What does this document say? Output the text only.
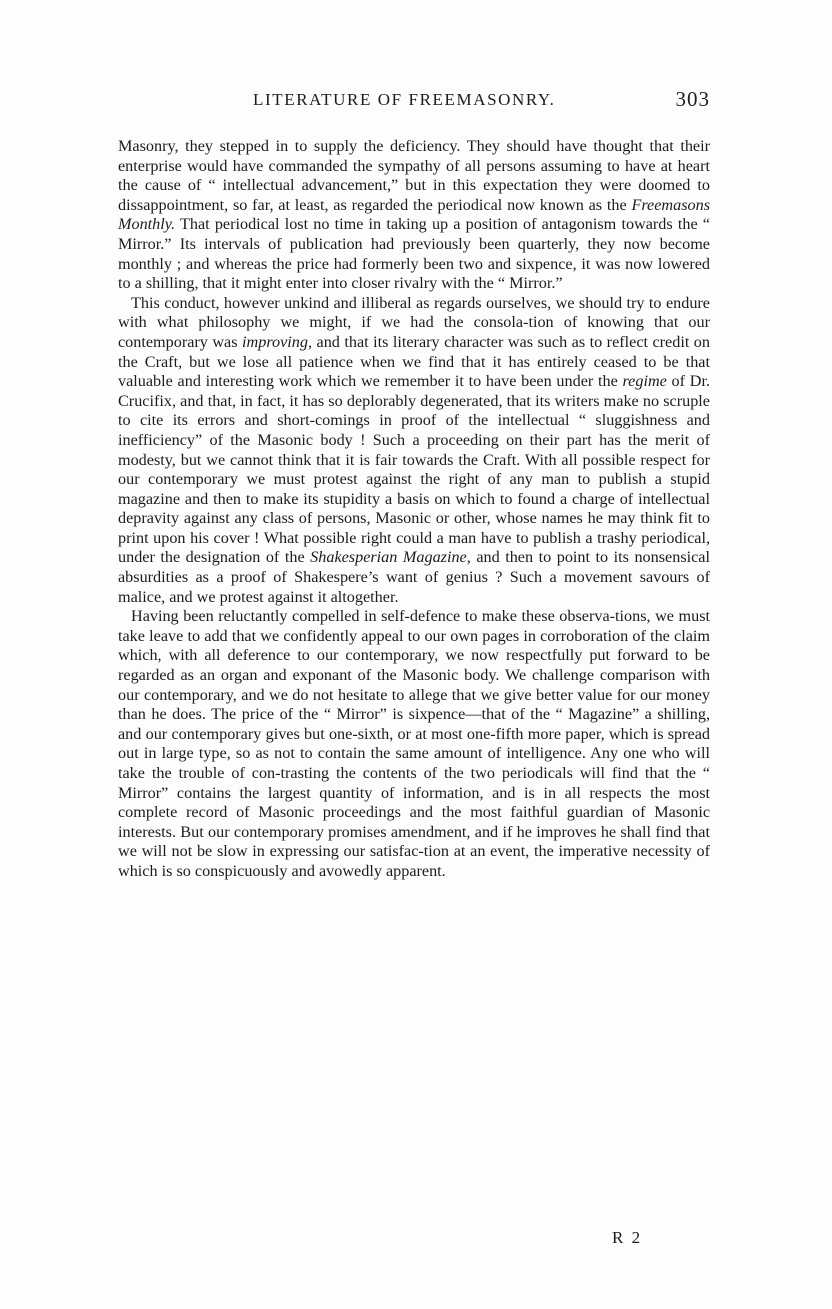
LITERATURE OF FREEMASONRY.	303

Masonry, they stepped in to supply the deficiency. They should have thought that their enterprise would have commanded the sympathy of all persons assuming to have at heart the cause of “ intellectual advancement,” but in this expectation they were doomed to dissappointment, so far, at least, as regarded the periodical now known as the Freemasons Monthly. That periodical lost no time in taking up a position of antagonism towards the “ Mirror.” Its intervals of publication had previously been quarterly, they now become monthly ; and whereas the price had formerly been two and sixpence, it was now lowered to a shilling, that it might enter into closer rivalry with the “ Mirror.”

This conduct, however unkind and illiberal as regards ourselves, we should try to endure with what philosophy we might, if we had the consola-tion of knowing that our contemporary was improving, and that its literary character was such as to reflect credit on the Craft, but we lose all patience when we find that it has entirely ceased to be that valuable and interesting work which we remember it to have been under the regime of Dr. Crucifix, and that, in fact, it has so deplorably degenerated, that its writers make no scruple to cite its errors and short-comings in proof of the intellectual “ sluggishness and inefficiency” of the Masonic body ! Such a proceeding on their part has the merit of modesty, but we cannot think that it is fair towards the Craft. With all possible respect for our contemporary we must protest against the right of any man to publish a stupid magazine and then to make its stupidity a basis on which to found a charge of intellectual depravity against any class of persons, Masonic or other, whose names he may think fit to print upon his cover ! What possible right could a man have to publish a trashy periodical, under the designation of the Shakesperian Magazine, and then to point to its nonsensical absurdities as a proof of Shakespere’s want of genius ? Such a movement savours of malice, and we protest against it altogether.

Having been reluctantly compelled in self-defence to make these observa-tions, we must take leave to add that we confidently appeal to our own pages in corroboration of the claim which, with all deference to our contemporary, we now respectfully put forward to be regarded as an organ and exponant of the Masonic body. We challenge comparison with our contemporary, and we do not hesitate to allege that we give better value for our money than he does. The price of the “ Mirror” is sixpence—that of the “ Magazine” a shilling, and our contemporary gives but one-sixth, or at most one-fifth more paper, which is spread out in large type, so as not to contain the same amount of intelligence. Any one who will take the trouble of con-trasting the contents of the two periodicals will find that the “ Mirror” contains the largest quantity of information, and is in all respects the most complete record of Masonic proceedings and the most faithful guardian of Masonic interests. But our contemporary promises amendment, and if he improves he shall find that we will not be slow in expressing our satisfac-tion at an event, the imperative necessity of which is so conspicuously and avowedly apparent.

R 2
